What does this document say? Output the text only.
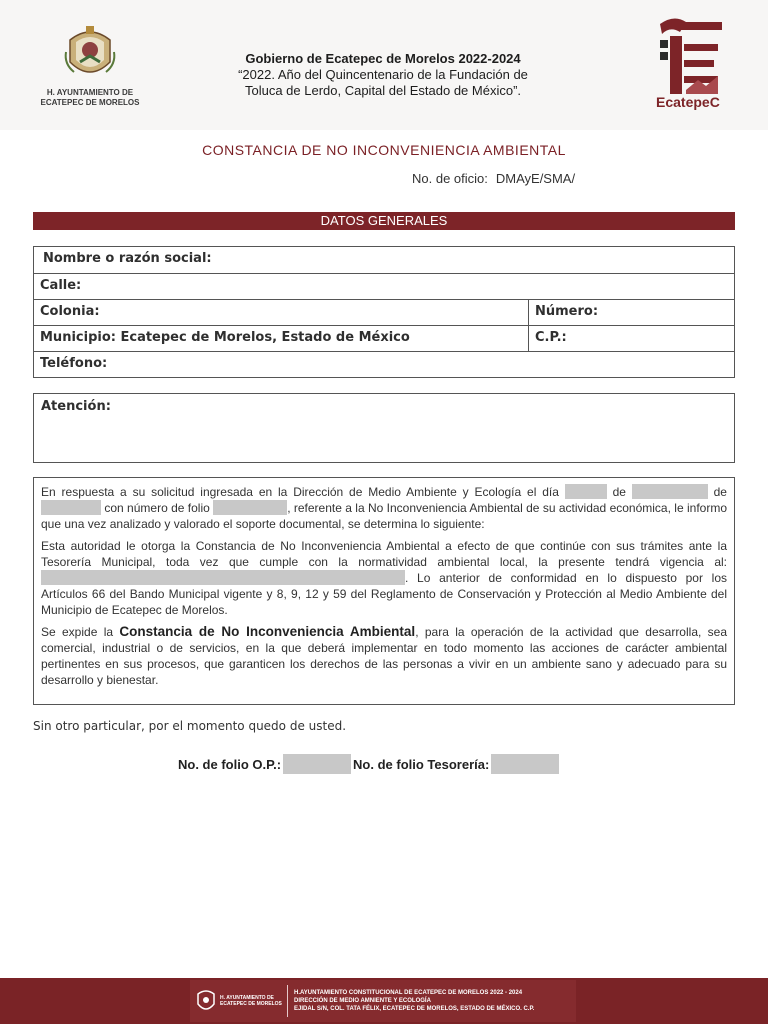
H. AYUNTAMIENTO DE
ECATEPEC DE MORELOS
Gobierno de Ecatepec de Morelos 2022-2024
“2022. Año del Quincentenario de la Fundación de
Toluca de Lerdo, Capital del Estado de México”.
EcatepeC
CONSTANCIA DE NO INCONVENIENCIA AMBIENTAL
No. de oficio: DMAyE/SMA/
DATOS GENERALES
Nombre o razón social:
Calle:
Colonia:	Número:
Municipio: Ecatepec de Morelos, Estado de México	C.P.:
Teléfono:
Atención:

En respuesta a su solicitud ingresada en la Dirección de Medio Ambiente y Ecología el día	de	de  con número de folio	, referente a la No Inconveniencia Ambiental de su actividad económica, le informo que una vez analizado y valorado el soporte documental, se determina lo siguiente:

Esta autoridad le otorga la Constancia de No Inconveniencia Ambiental a efecto de que continúe con sus trámites ante la Tesorería Municipal, toda vez que cumple con la normatividad ambiental local, la presente tendrá vigencia al: . Lo anterior de conformidad en lo dispuesto por los Artículos 66 del Bando Municipal vigente y 8, 9, 12 y 59 del Reglamento de Conservación y Protección al Medio Ambiente del Municipio de Ecatepec de Morelos.

Se expide la Constancia de No Inconveniencia Ambiental, para la operación de la actividad que desarrolla, sea comercial, industrial o de servicios, en la que deberá implementar en todo momento las acciones de carácter ambiental pertinentes en sus procesos, que garanticen los derechos de las personas a vivir en un ambiente sano y adecuado para su desarrollo y bienestar.

Sin otro particular, por el momento quedo de usted.
No. de folio O.P.:	No. de folio Tesorería:
H. AYUNTAMIENTO DE
ECATEPEC DE MORELOS
H.AYUNTAMIENTO CONSTITUCIONAL DE ECATEPEC DE MORELOS 2022 - 2024
DIRECCIÓN DE MEDIO AMNIENTE Y ECOLOGÍA
EJIDAL S/N, COL. TATA FÉLIX, ECATEPEC DE MORELOS, ESTADO DE MÉXICO. C.P.
